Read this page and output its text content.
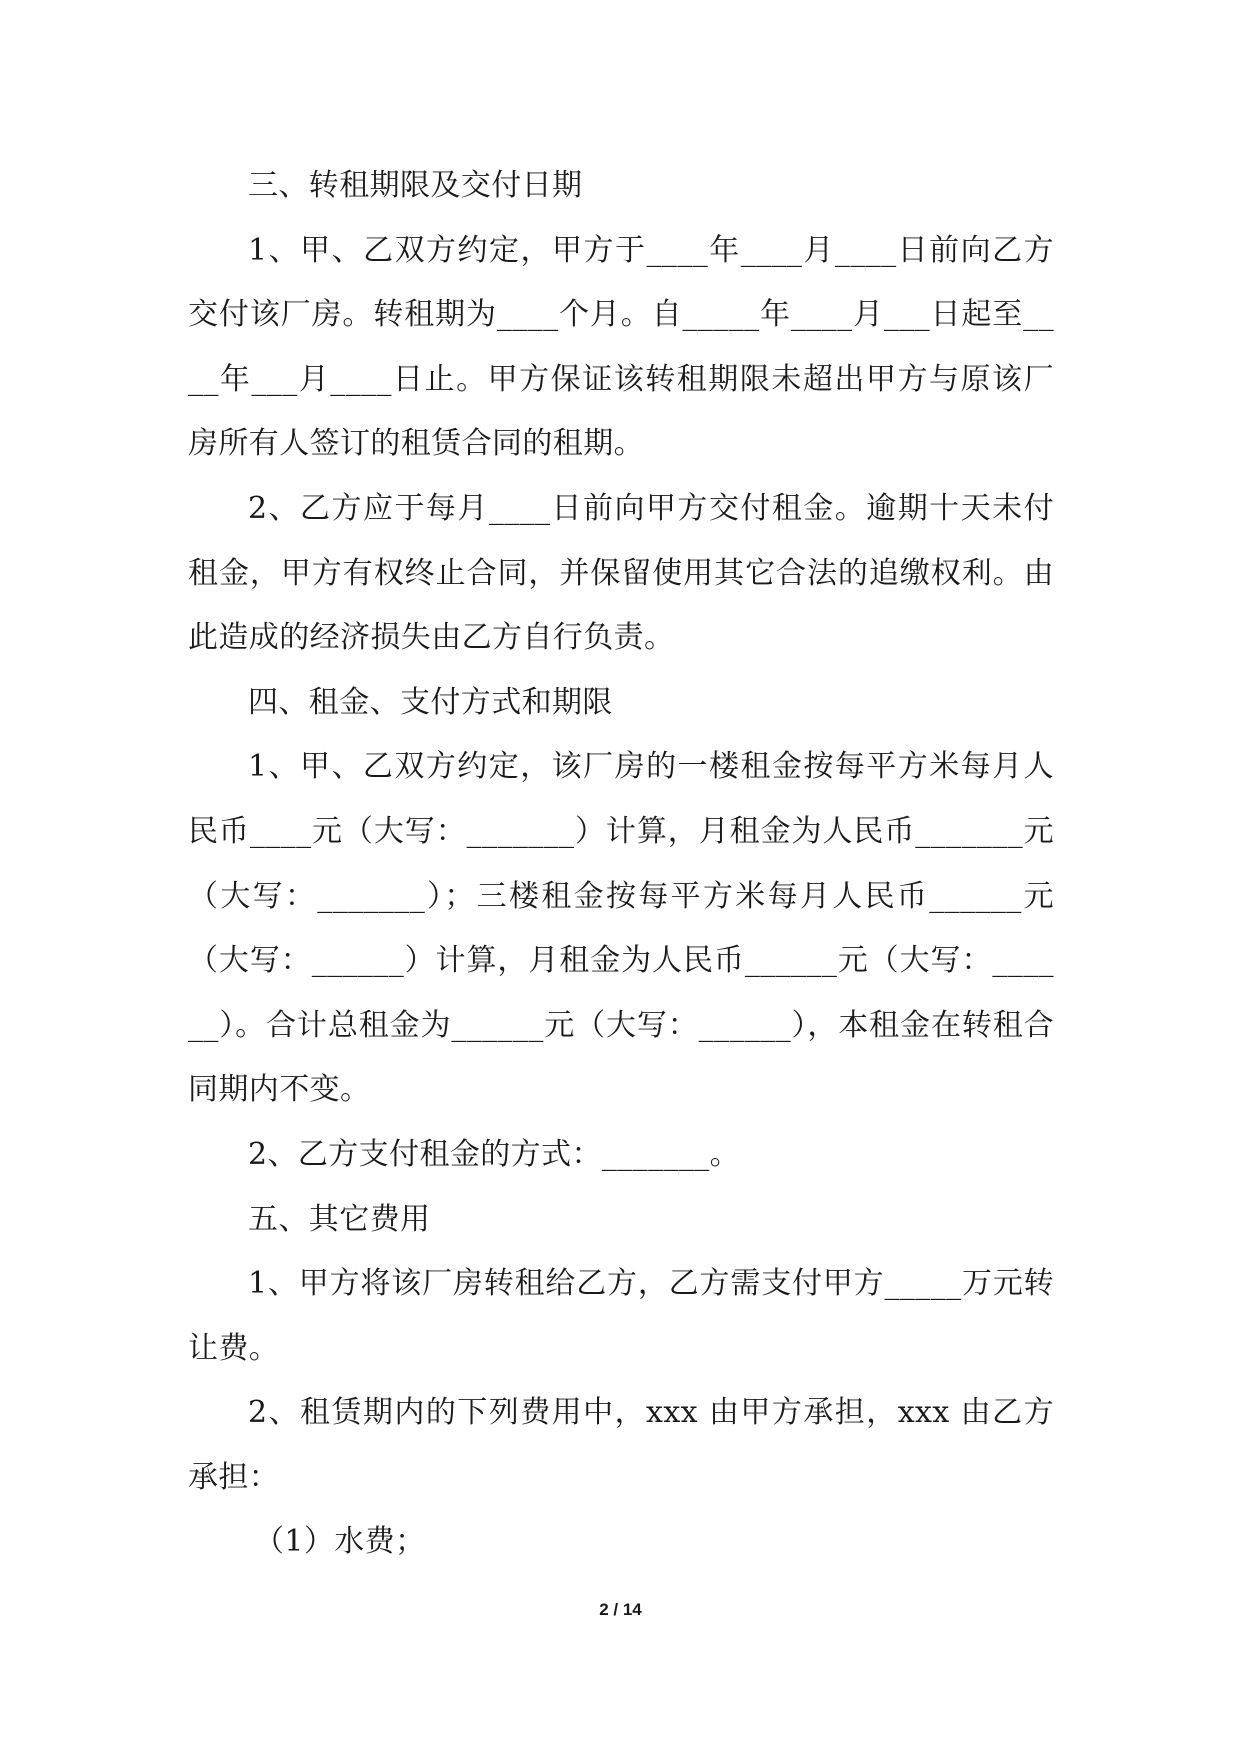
三、转租期限及交付日期

1、甲、乙双方约定，甲方于____年____月____日前向乙方交付该厂房。转租期为____个月。自_____年____月___日起至____年___月____日止。甲方保证该转租期限未超出甲方与原该厂房所有人签订的租赁合同的租期。

2、乙方应于每月____日前向甲方交付租金。逾期十天未付租金，甲方有权终止合同，并保留使用其它合法的追缴权利。由此造成的经济损失由乙方自行负责。

四、租金、支付方式和期限

1、甲、乙双方约定，该厂房的一楼租金按每平方米每月人民币____元（大写：_______）计算，月租金为人民币_______元（大写：_______）；三楼租金按每平方米每月人民币______元（大写：______）计算，月租金为人民币______元（大写：______）。合计总租金为______元（大写：______），本租金在转租合同期内不变。

2、乙方支付租金的方式：_______。

五、其它费用

1、甲方将该厂房转租给乙方，乙方需支付甲方_____万元转让费。

2、租赁期内的下列费用中，xxx 由甲方承担，xxx 由乙方承担：

（1）水费；

2 / 14
